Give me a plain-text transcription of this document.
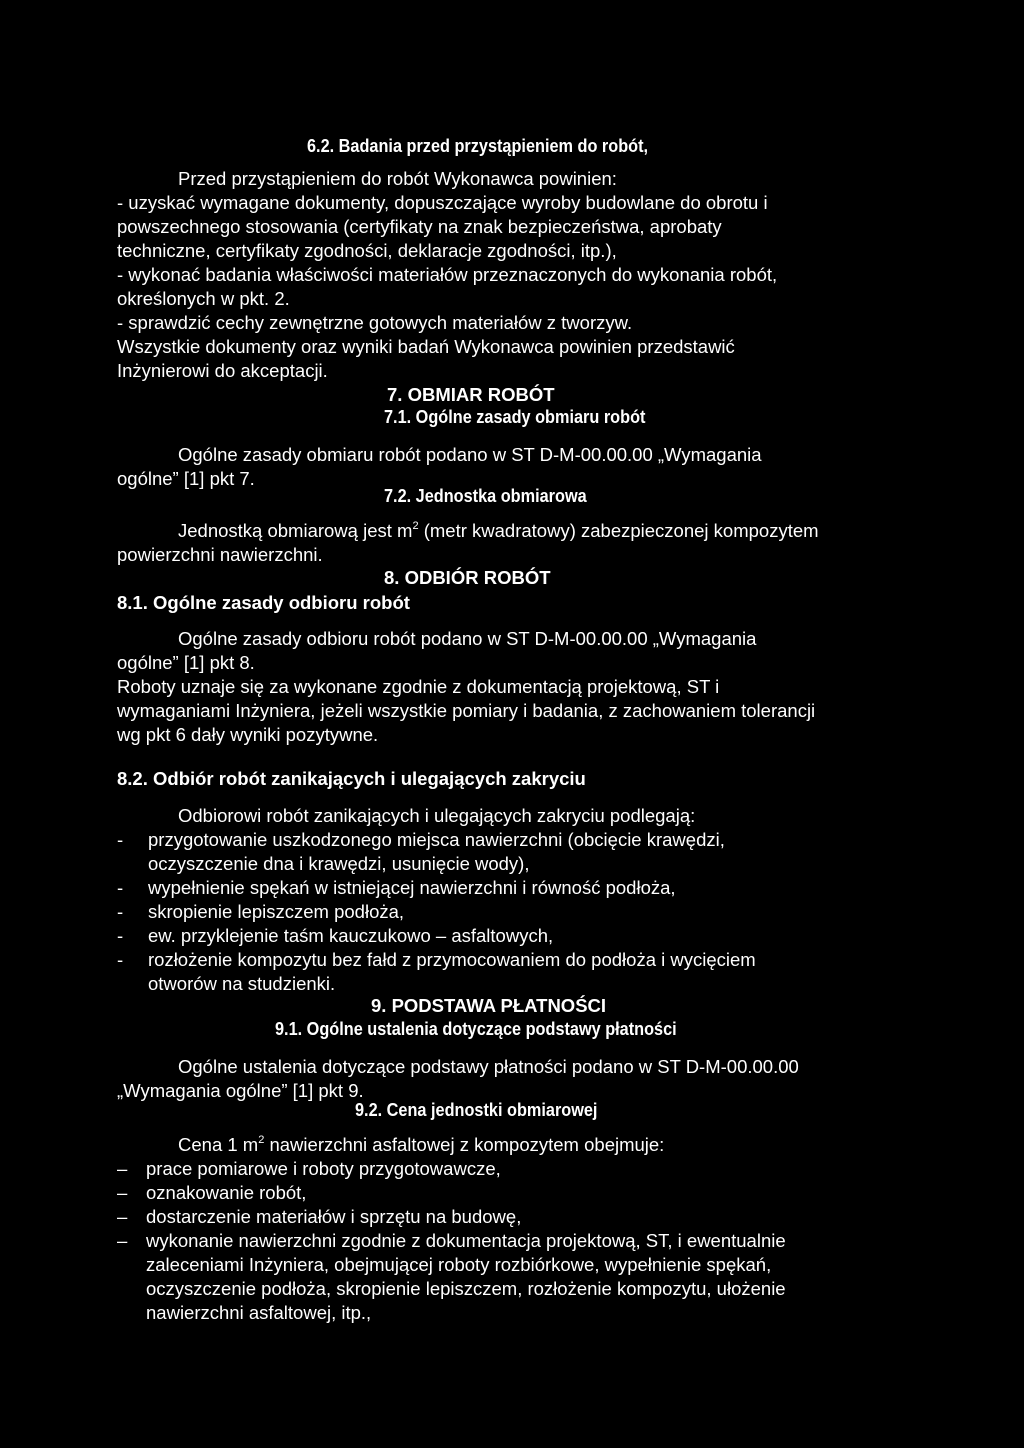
6.2. Badania przed przystąpieniem do robót,
Przed przystąpieniem do robót Wykonawca powinien:
- uzyskać wymagane dokumenty, dopuszczające wyroby budowlane do obrotu i
powszechnego stosowania (certyfikaty na znak bezpieczeństwa, aprobaty
techniczne, certyfikaty zgodności, deklaracje zgodności, itp.),
- wykonać badania właściwości materiałów przeznaczonych do wykonania robót,
określonych w pkt. 2.
- sprawdzić cechy zewnętrzne gotowych materiałów z tworzyw.
Wszystkie dokumenty oraz wyniki badań Wykonawca powinien przedstawić
Inżynierowi do akceptacji.
7. OBMIAR ROBÓT
7.1. Ogólne zasady obmiaru robót
Ogólne zasady obmiaru robót podano w ST D-M-00.00.00 „Wymagania
ogólne” [1] pkt 7.
7.2. Jednostka obmiarowa
Jednostką obmiarową jest $m^2$ (metr kwadratowy) zabezpieczonej kompozytem
powierzchni nawierzchni.
8. ODBIÓR ROBÓT
8.1. Ogólne zasady odbioru robót
Ogólne zasady odbioru robót podano w ST D-M-00.00.00 „Wymagania
ogólne” [1] pkt 8.
Roboty uznaje się za wykonane zgodnie z dokumentacją projektową, ST i
wymaganiami Inżyniera, jeżeli wszystkie pomiary i badania, z zachowaniem tolerancji
wg pkt 6 dały wyniki pozytywne.
8.2. Odbiór robót zanikających i ulegających zakryciu
Odbiorowi robót zanikających i ulegających zakryciu podlegają:
- przygotowanie uszkodzonego miejsca nawierzchni (obcięcie krawędzi,
oczyszczenie dna i krawędzi, usunięcie wody),
- wypełnienie spękań w istniejącej nawierzchni i równość podłoża,
- skropienie lepiszczem podłoża,
- ew. przyklejenie taśm kauczukowo – asfaltowych,
- rozłożenie kompozytu bez fałd z przymocowaniem do podłoża i wycięciem
otworów na studzienki.
9. PODSTAWA PŁATNOŚCI
9.1. Ogólne ustalenia dotyczące podstawy płatności
Ogólne ustalenia dotyczące podstawy płatności podano w ST D-M-00.00.00
„Wymagania ogólne” [1] pkt 9.
9.2. Cena jednostki obmiarowej
Cena 1 $m^2$ nawierzchni asfaltowej z kompozytem obejmuje:
– prace pomiarowe i roboty przygotowawcze,
– oznakowanie robót,
– dostarczenie materiałów i sprzętu na budowę,
– wykonanie nawierzchni zgodnie z dokumentacja projektową, ST, i ewentualnie
zaleceniami Inżyniera, obejmującej roboty rozbiórkowe, wypełnienie spękań,
oczyszczenie podłoża, skropienie lepiszczem, rozłożenie kompozytu, ułożenie
nawierzchni asfaltowej, itp.,
